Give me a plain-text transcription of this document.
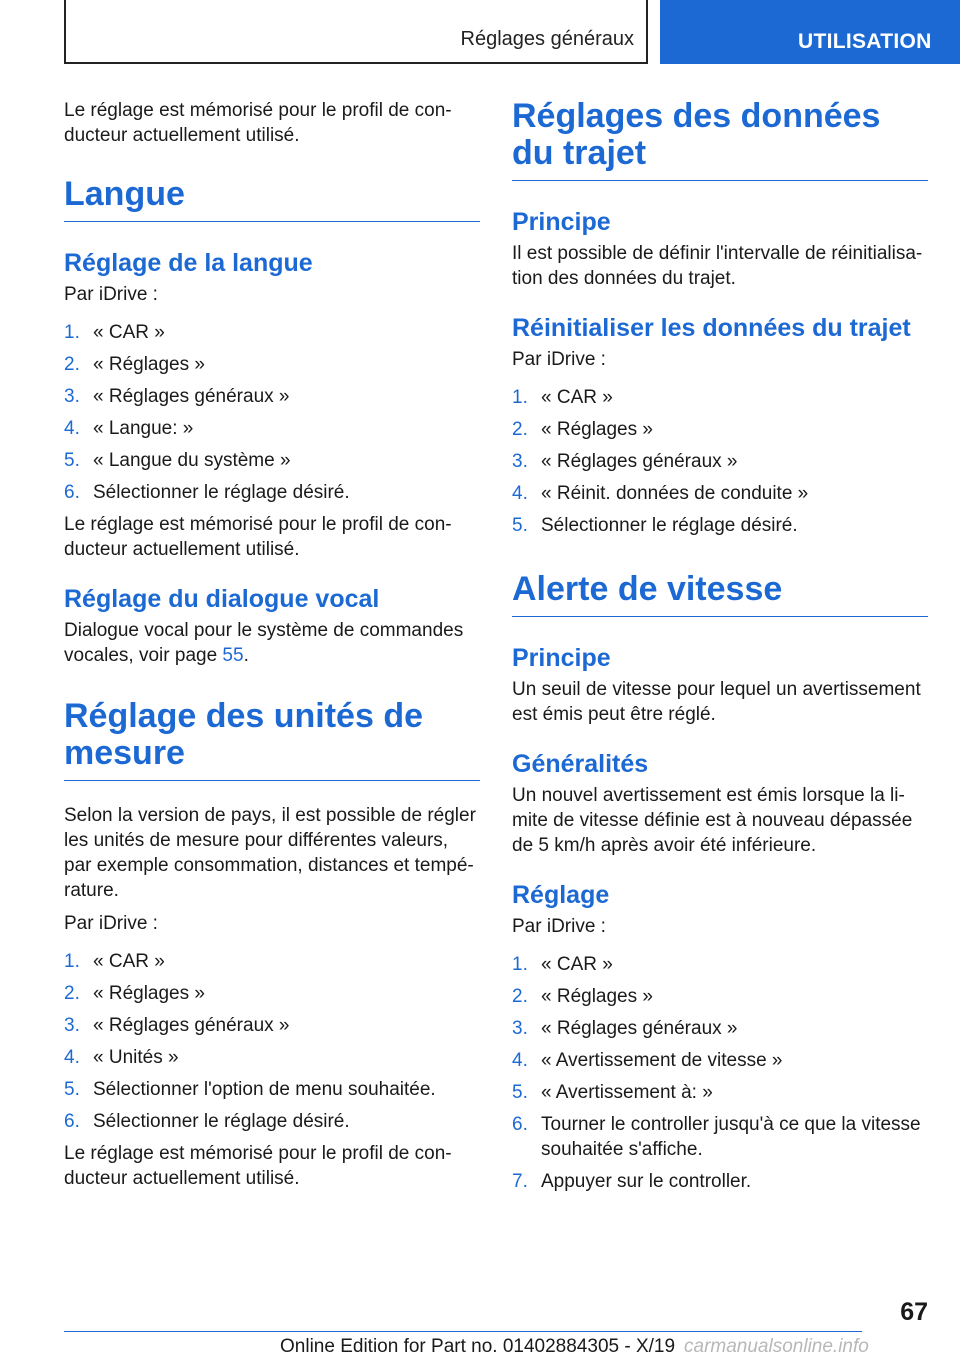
Réglages généraux	UTILISATION

Le réglage est mémorisé pour le profil de con- ducteur actuellement utilisé.

Langue
Réglage de la langue

Par iDrive :

1. « CAR »
2. « Réglages »
3. « Réglages généraux »
4. « Langue: »
5. « Langue du système »
6. Sélectionner le réglage désiré.

Le réglage est mémorisé pour le profil de con- ducteur actuellement utilisé.

Réglage du dialogue vocal

Dialogue vocal pour le système de commandes vocales, voir page 55.

Réglage des unités de mesure

Selon la version de pays, il est possible de régler les unités de mesure pour différentes valeurs, par exemple consommation, distances et tempé- rature.

Par iDrive :

1. « CAR »
2. « Réglages »
3. « Réglages généraux »
4. « Unités »
5. Sélectionner l'option de menu souhaitée.
6. Sélectionner le réglage désiré.

Le réglage est mémorisé pour le profil de con- ducteur actuellement utilisé.

Réglages des données du trajet
Principe

Il est possible de définir l'intervalle de réinitialisa- tion des données du trajet.

Réinitialiser les données du trajet

Par iDrive :

1. « CAR »
2. « Réglages »
3. « Réglages généraux »
4. « Réinit. données de conduite »
5. Sélectionner le réglage désiré.
Alerte de vitesse
Principe

Un seuil de vitesse pour lequel un avertissement est émis peut être réglé.

Généralités

Un nouvel avertissement est émis lorsque la li- mite de vitesse définie est à nouveau dépassée de 5 km/h après avoir été inférieure.

Réglage

Par iDrive :

1. « CAR »
2. « Réglages »
3. « Réglages généraux »
4. « Avertissement de vitesse »
5. « Avertissement à: »
6. Tourner le controller jusqu'à ce que la vitesse souhaitée s'affiche.
7. Appuyer sur le controller.
67
Online Edition for Part no. 01402884305 - X/19 carmanualsonline.info
